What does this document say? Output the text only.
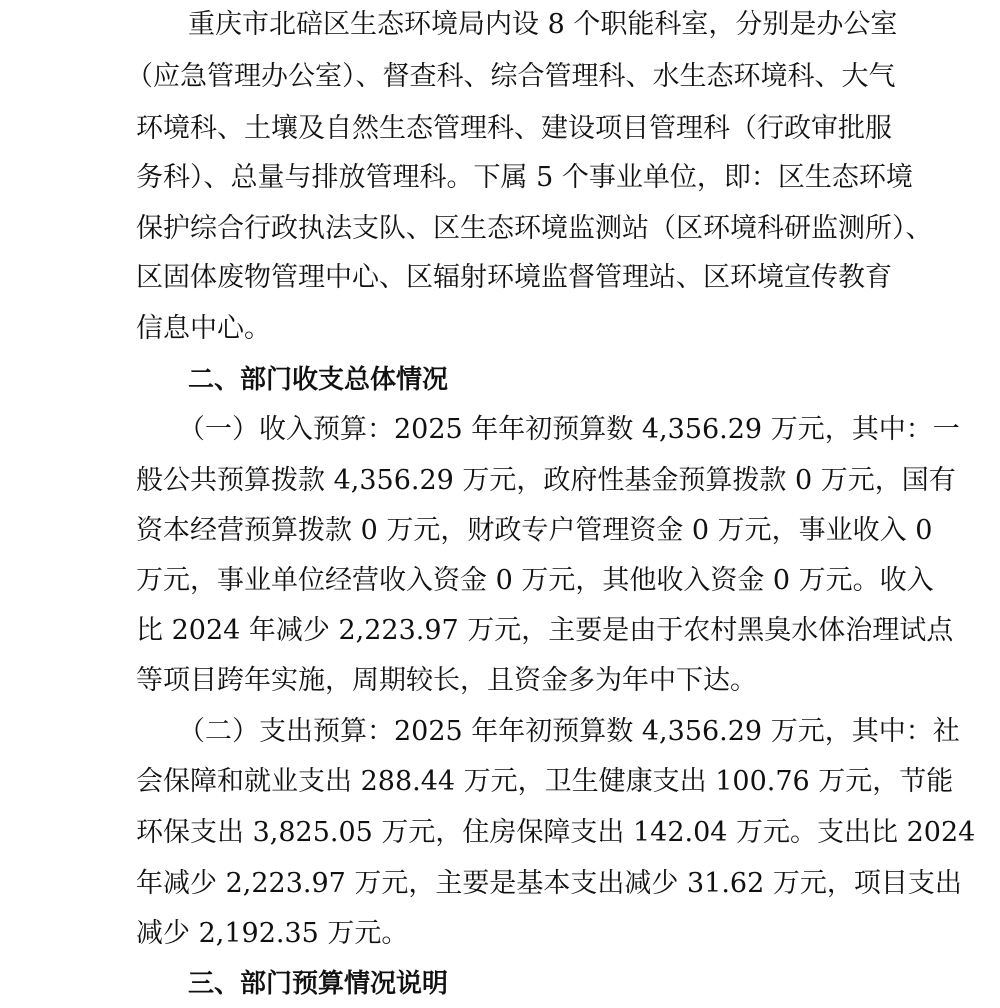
重庆市北碚区生态环境局内设 8 个职能科室，分别是办公室
（应急管理办公室）、督查科、综合管理科、水生态环境科、大气
环境科、土壤及自然生态管理科、建设项目管理科（行政审批服
务科）、总量与排放管理科。下属 5 个事业单位，即：区生态环境
保护综合行政执法支队、区生态环境监测站（区环境科研监测所）、
区固体废物管理中心、区辐射环境监督管理站、区环境宣传教育
信息中心。
二、部门收支总体情况
（一）收入预算：2025 年年初预算数 4,356.29 万元，其中：一
般公共预算拨款 4,356.29 万元，政府性基金预算拨款 0 万元，国有
资本经营预算拨款 0 万元，财政专户管理资金 0 万元，事业收入 0
万元，事业单位经营收入资金 0 万元，其他收入资金 0 万元。收入
比 2024 年减少 2,223.97 万元，主要是由于农村黑臭水体治理试点
等项目跨年实施，周期较长，且资金多为年中下达。
（二）支出预算：2025 年年初预算数 4,356.29 万元，其中：社
会保障和就业支出 288.44 万元，卫生健康支出 100.76 万元，节能
环保支出 3,825.05 万元，住房保障支出 142.04 万元。支出比 2024
年减少 2,223.97 万元，主要是基本支出减少 31.62 万元，项目支出
减少 2,192.35 万元。
三、部门预算情况说明
